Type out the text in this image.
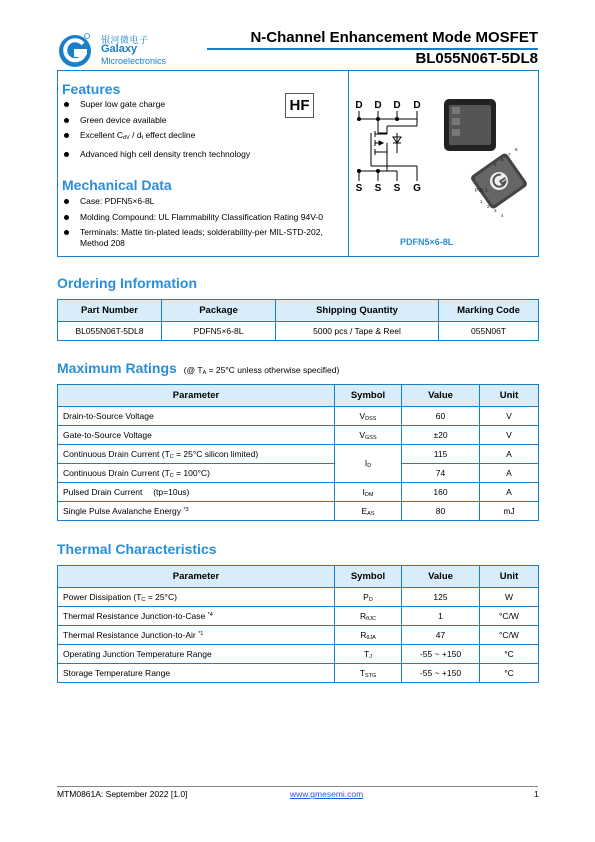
银河微电子
Galaxy
Microelectronics
N-Channel Enhancement Mode MOSFET
BL055N06T-5DL8
Features
Super low gate charge
Green device available
Excellent $C_{dV} / d_t$ effect decline
Advanced high cell density trench technology
HF
Mechanical Data
Case: PDFN5×6-8L
Molding Compound: UL Flammability Classification Rating 94V-0
Terminals: Matte tin-plated leads; solderability-per MIL-STD-202, Method 208
D D D D
S S S G
5
6
7
8
1
2
3
4
PIN 1
PDFN5×6-8L
Ordering Information
Part Number	Package	Shipping Quantity	Marking Code
BL055N06T-5DL8	PDFN5×6-8L	5000 pcs / Tape & Reel	055N06T
Maximum Ratings (@ $T_A = 25^\circ C$ unless otherwise specified)
Parameter	Symbol	Value	Unit
Drain-to-Source Voltage	$V_{DSS}$	60	V
Gate-to-Source Voltage	$V_{GSS}$	±20	V
Continuous Drain Current ($T_C = 25^\circ C$ silicon limited)	$I_D$	115	A
Continuous Drain Current $(T_C = 100^\circ C)$		74	A
Pulsed Drain Current 　(tp=10us)	$I_{DM}$	160	A
Single Pulse Avalanche Energy $^{*3}$	$E_{AS}$	80	mJ
Thermal Characteristics
Parameter	Symbol	Value	Unit
Power Dissipation $(T_C = 25^\circ C)$	$P_D$	125	W
Thermal Resistance Junction-to-Case $^{*4}$	$R_{\theta JC}$	1	°C/W
Thermal Resistance Junction-to-Air $^{*1}$	$R_{\theta JA}$	47	°C/W
Operating Junction Temperature Range	$T_J$	-55 ~ +150	°C
Storage Temperature Range	$T_{STG}$	-55 ~ +150	°C
MTM0861A: September 2022 [1.0]	www.gmesemi.com	1
